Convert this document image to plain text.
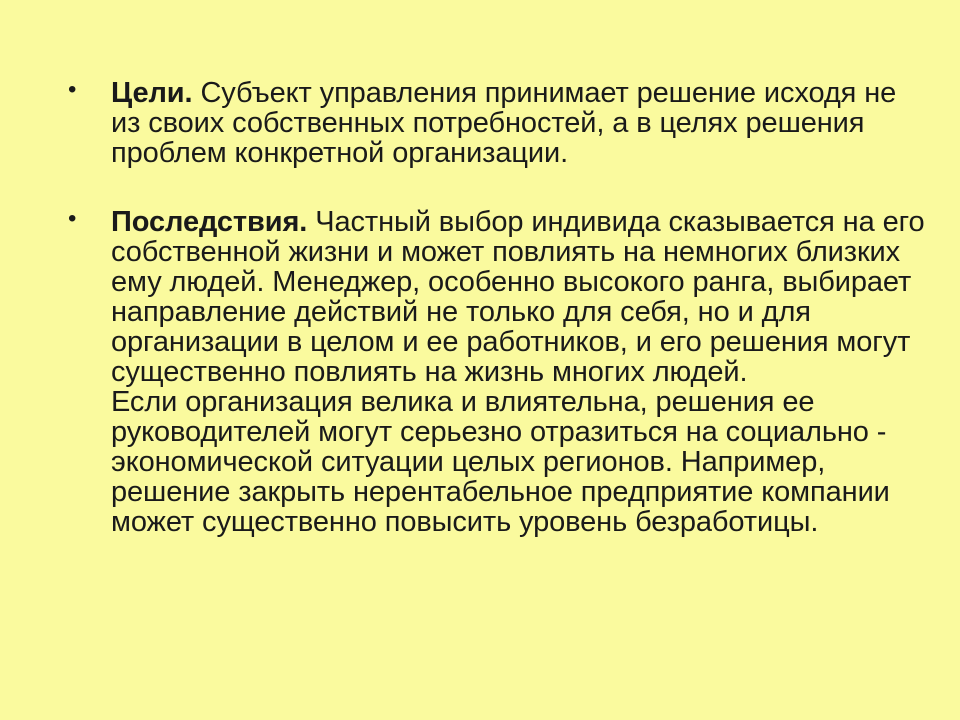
• Цели. Субъект управления принимает решение исходя не из своих собственных потребностей, а в целях решения проблем конкретной организации.
• Последствия. Частный выбор индивида сказывается на его собственной жизни и может повлиять на немногих близких ему людей. Менеджер, особенно высокого ранга, выбирает направление действий не только для себя, но и для организации в целом и ее работников, и его решения могут существенно повлиять на жизнь многих людей.
Если организация велика и влиятельна, решения ее руководителей могут серьезно отразиться на социально - экономической ситуации целых регионов. Например, решение закрыть нерентабельное предприятие компании может существенно повысить уровень безработицы.
